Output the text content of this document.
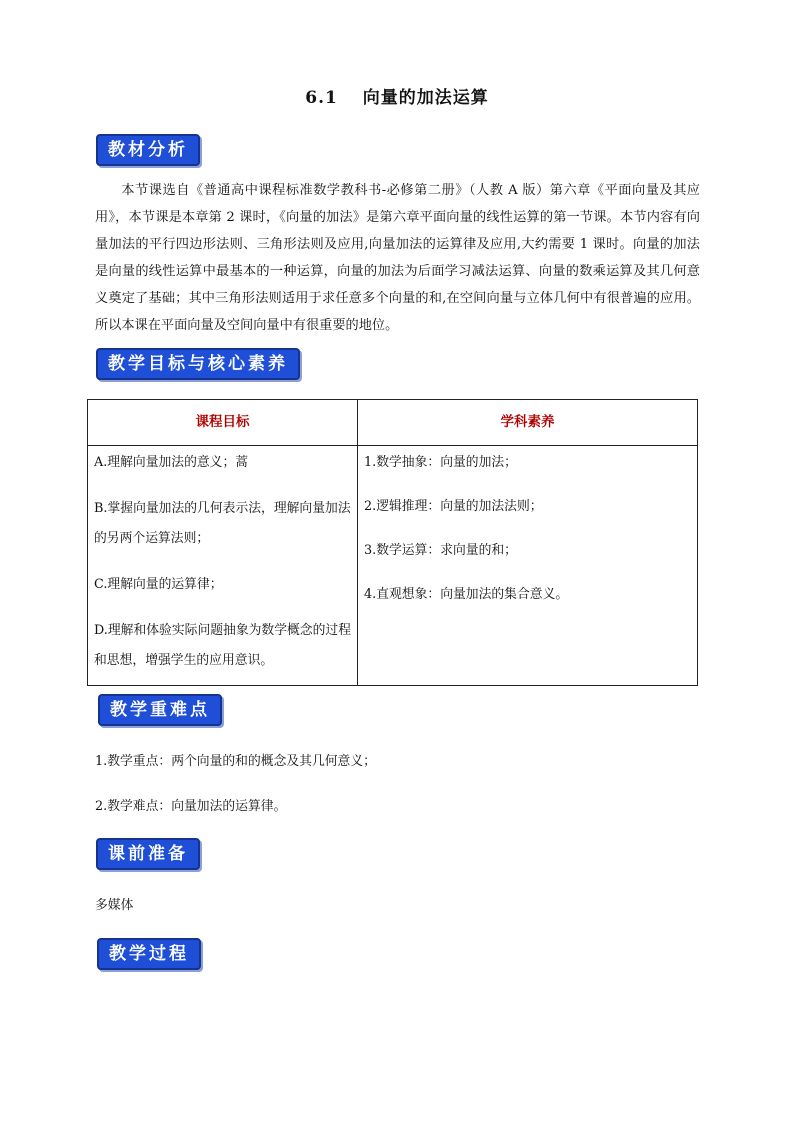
6.1　 向量的加法运算
教材分析
本节课选自《普通高中课程标准数学教科书-必修第二册》（人教 A 版）第六章《平面向量及其应用》，本节课是本章第 2 课时，《向量的加法》是第六章平面向量的线性运算的第一节课。本节内容有向量加法的平行四边形法则、三角形法则及应用,向量加法的运算律及应用,大约需要 1 课时。向量的加法是向量的线性运算中最基本的一种运算，向量的加法为后面学习减法运算、向量的数乘运算及其几何意义奠定了基础；其中三角形法则适用于求任意多个向量的和,在空间向量与立体几何中有很普遍的应用。所以本课在平面向量及空间向量中有很重要的地位。
教学目标与核心素养
课程目标	学科素养

A.理解向量加法的意义；蒿

B.掌握向量加法的几何表示法，理解向量加法的另两个运算法则；

C.理解向量的运算律；

D.理解和体验实际问题抽象为数学概念的过程和思想，增强学生的应用意识。

1.数学抽象：向量的加法；

2.逻辑推理：向量的加法法则；

3.数学运算：求向量的和；

4.直观想象：向量加法的集合意义。

教学重难点
1.教学重点：两个向量的和的概念及其几何意义；
2.教学难点：向量加法的运算律。
课前准备
多媒体
教学过程
